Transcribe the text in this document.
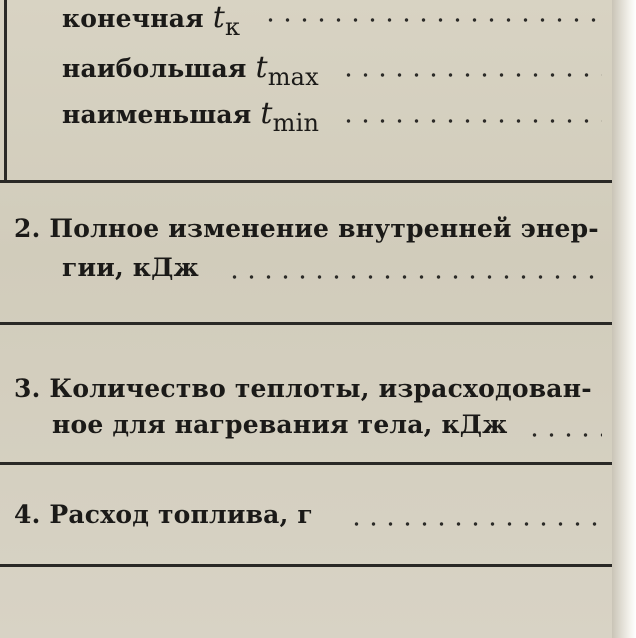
конечная tк
наибольшая tmax
наименьшая tmin
2. Полное изменение внутренней энер-
гии, кДж
3. Количество теплоты, израсходован-
ное для нагревания тела, кДж
4. Расход топлива, г
